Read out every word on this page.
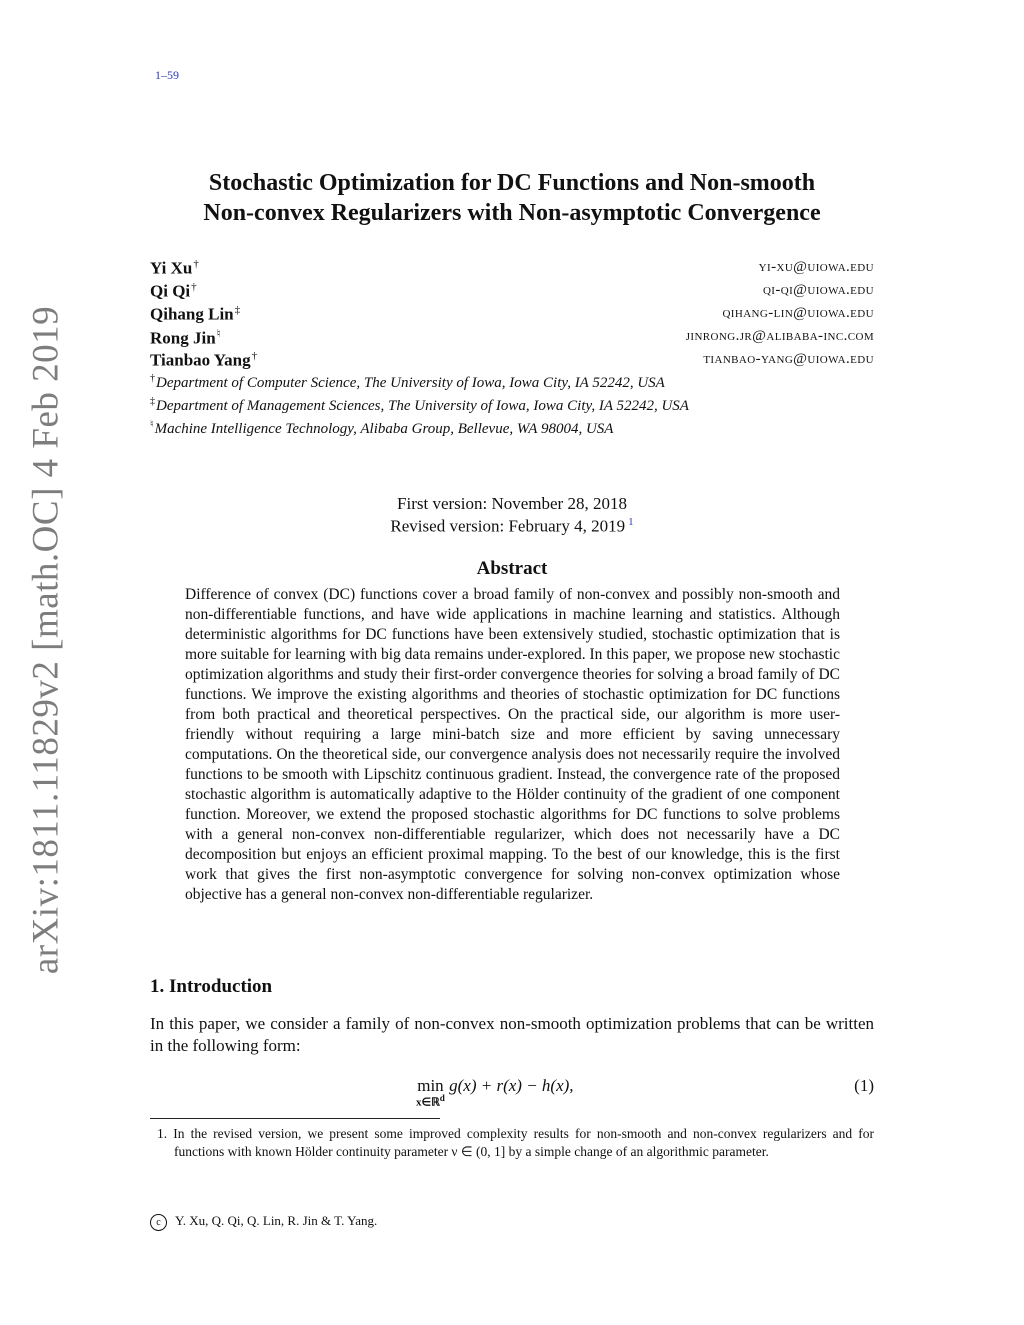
1–59
arXiv:1811.11829v2 [math.OC] 4 Feb 2019
Stochastic Optimization for DC Functions and Non-smooth
Non-convex Regularizers with Non-asymptotic Convergence
Yi Xu†	yi-xu@uiowa.edu
Qi Qi†	qi-qi@uiowa.edu
Qihang Lin‡	qihang-lin@uiowa.edu
Rong Jin♮	jinrong.jr@alibaba-inc.com
Tianbao Yang†	tianbao-yang@uiowa.edu
†Department of Computer Science, The University of Iowa, Iowa City, IA 52242, USA
‡Department of Management Sciences, The University of Iowa, Iowa City, IA 52242, USA
♮Machine Intelligence Technology, Alibaba Group, Bellevue, WA 98004, USA
First version: November 28, 2018
Revised version: February 4, 2019 $^1$
Abstract
Difference of convex (DC) functions cover a broad family of non-convex and possibly non-smooth and non-differentiable functions, and have wide applications in machine learning and statistics. Although deterministic algorithms for DC functions have been extensively studied, stochastic optimization that is more suitable for learning with big data remains under-explored. In this paper, we propose new stochastic optimization algorithms and study their first-order convergence theories for solving a broad family of DC functions. We improve the existing algorithms and theories of stochastic optimization for DC functions from both practical and theoretical perspectives. On the practical side, our algorithm is more user-friendly without requiring a large mini-batch size and more efficient by saving unnecessary computations. On the theoretical side, our convergence analysis does not necessarily require the involved functions to be smooth with Lipschitz continuous gradient. Instead, the convergence rate of the proposed stochastic algorithm is automatically adaptive to the Hölder continuity of the gradient of one component function. Moreover, we extend the proposed stochastic algorithms for DC functions to solve problems with a general non-convex non-differentiable regularizer, which does not necessarily have a DC decomposition but enjoys an efficient proximal mapping. To the best of our knowledge, this is the first work that gives the first non-asymptotic convergence for solving non-convex optimization whose objective has a general non-convex non-differentiable regularizer.
1. Introduction
In this paper, we consider a family of non-convex non-smooth optimization problems that can be written in the following form:
min
x∈ℝ$^d$
g(x) + r(x) − h(x),	(1)
1. In the revised version, we present some improved complexity results for non-smooth and non-convex regularizers and for functions with known Hölder continuity parameter ν ∈ (0, 1] by a simple change of an algorithmic parameter.
c Y. Xu, Q. Qi, Q. Lin, R. Jin & T. Yang.
